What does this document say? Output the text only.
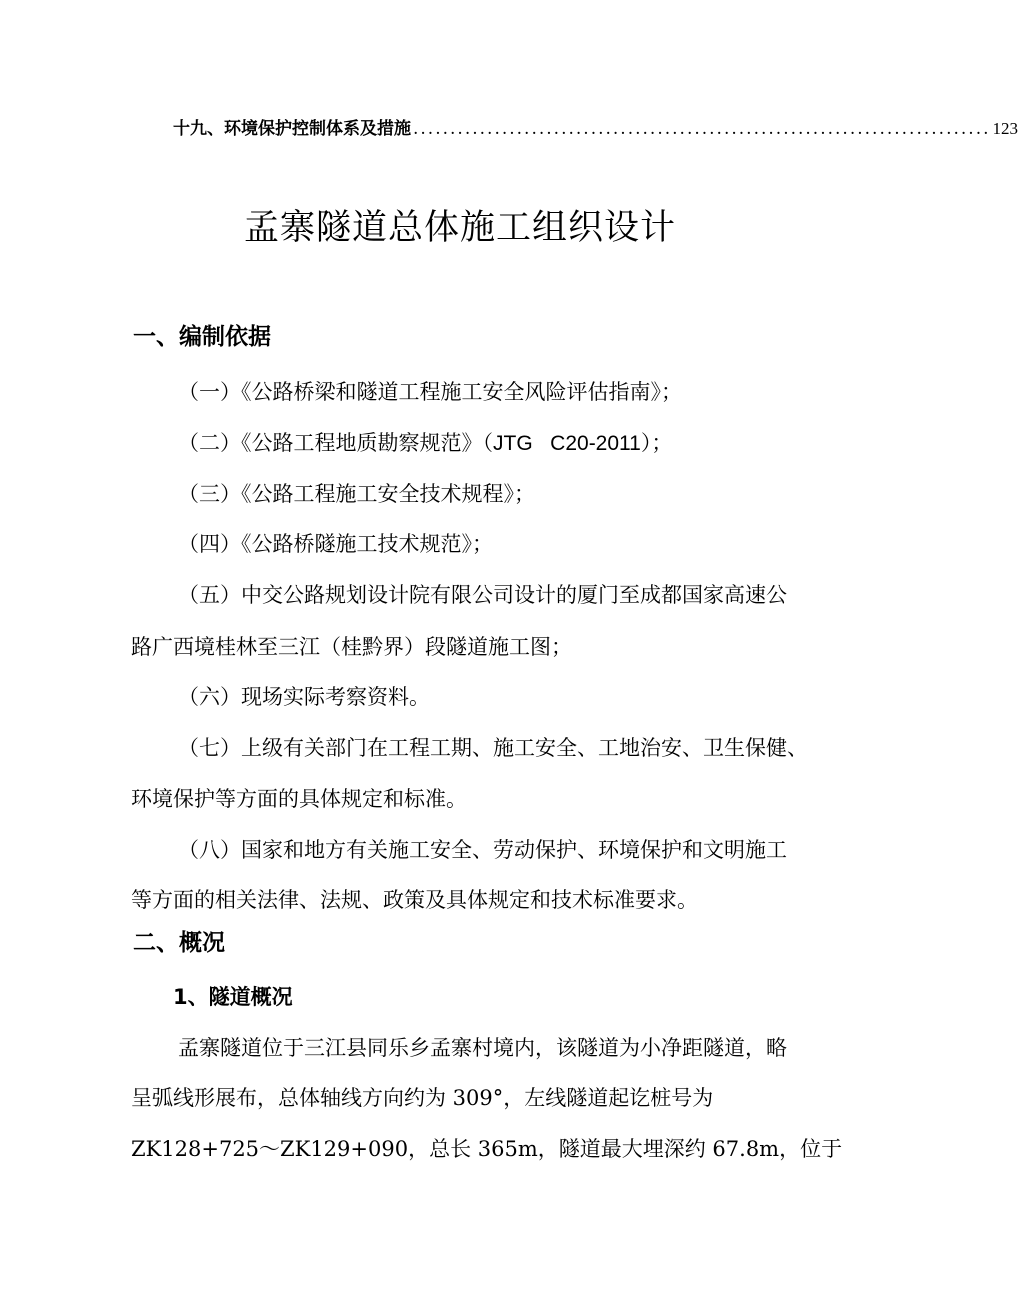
十九、环境保护控制体系及措施 .............................................................................. 123
孟寨隧道总体施工组织设计
一、编制依据
（一）《公路桥梁和隧道工程施工安全风险评估指南》；
（二）《公路工程地质勘察规范》（JTG   C20-2011）；
（三）《公路工程施工安全技术规程》；
（四）《公路桥隧施工技术规范》；
（五）中交公路规划设计院有限公司设计的厦门至成都国家高速公
路广西境桂林至三江（桂黔界）段隧道施工图；
（六）现场实际考察资料。
（七）上级有关部门在工程工期、施工安全、工地治安、卫生保健、
环境保护等方面的具体规定和标准。
（八）国家和地方有关施工安全、劳动保护、环境保护和文明施工
等方面的相关法律、法规、政策及具体规定和技术标准要求。
二、概况
1、隧道概况
孟寨隧道位于三江县同乐乡孟寨村境内，该隧道为小净距隧道，略
呈弧线形展布，总体轴线方向约为 309°，左线隧道起讫桩号为
ZK128+725～ZK129+090，总长 365m，隧道最大埋深约 67.8m，位于
